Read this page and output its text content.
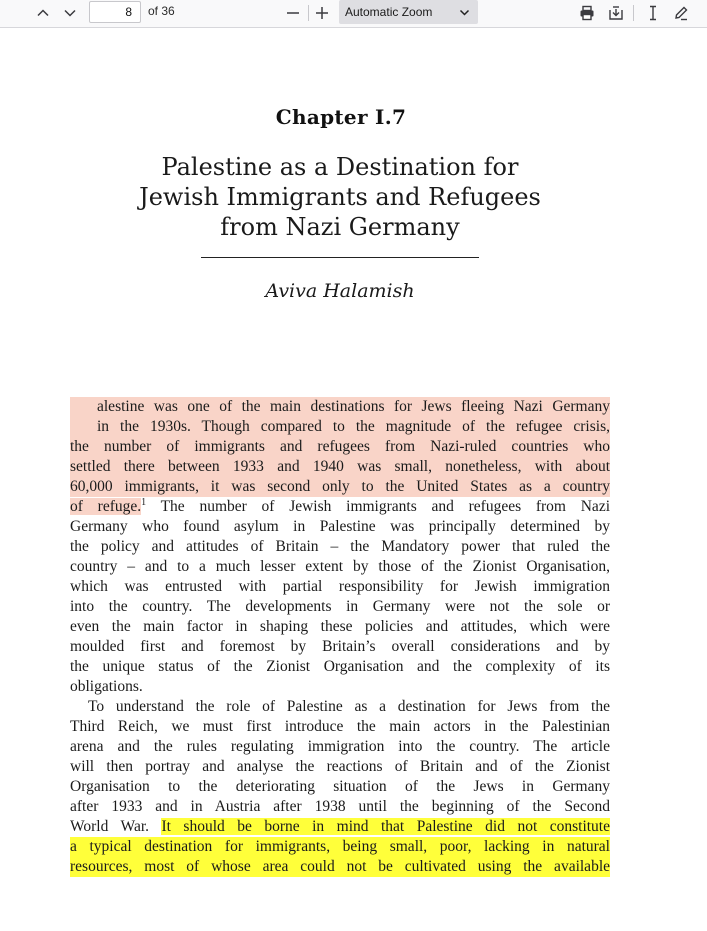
8	of 36	Automatic Zoom
Chapter I.7
Palestine as a Destination for
Jewish Immigrants and Refugees
from Nazi Germany
Aviva Halamish
alestine was one of the main destinations for Jews fleeing Nazi Germany
in the 1930s. Though compared to the magnitude of the refugee crisis,
the number of immigrants and refugees from Nazi-ruled countries who
settled there between 1933 and 1940 was small, nonetheless, with about
60,000 immigrants, it was second only to the United States as a country
of refuge.$^1$ The number of Jewish immigrants and refugees from Nazi
Germany who found asylum in Palestine was principally determined by
the policy and attitudes of Britain – the Mandatory power that ruled the
country – and to a much lesser extent by those of the Zionist Organisation,
which was entrusted with partial responsibility for Jewish immigration
into the country. The developments in Germany were not the sole or
even the main factor in shaping these policies and attitudes, which were
moulded first and foremost by Britain’s overall considerations and by
the unique status of the Zionist Organisation and the complexity of its
obligations.
To understand the role of Palestine as a destination for Jews from the
Third Reich, we must first introduce the main actors in the Palestinian
arena and the rules regulating immigration into the country. The article
will then portray and analyse the reactions of Britain and of the Zionist
Organisation to the deteriorating situation of the Jews in Germany
after 1933 and in Austria after 1938 until the beginning of the Second
World War. It should be borne in mind that Palestine did not constitute
a typical destination for immigrants, being small, poor, lacking in natural
resources, most of whose area could not be cultivated using the available
